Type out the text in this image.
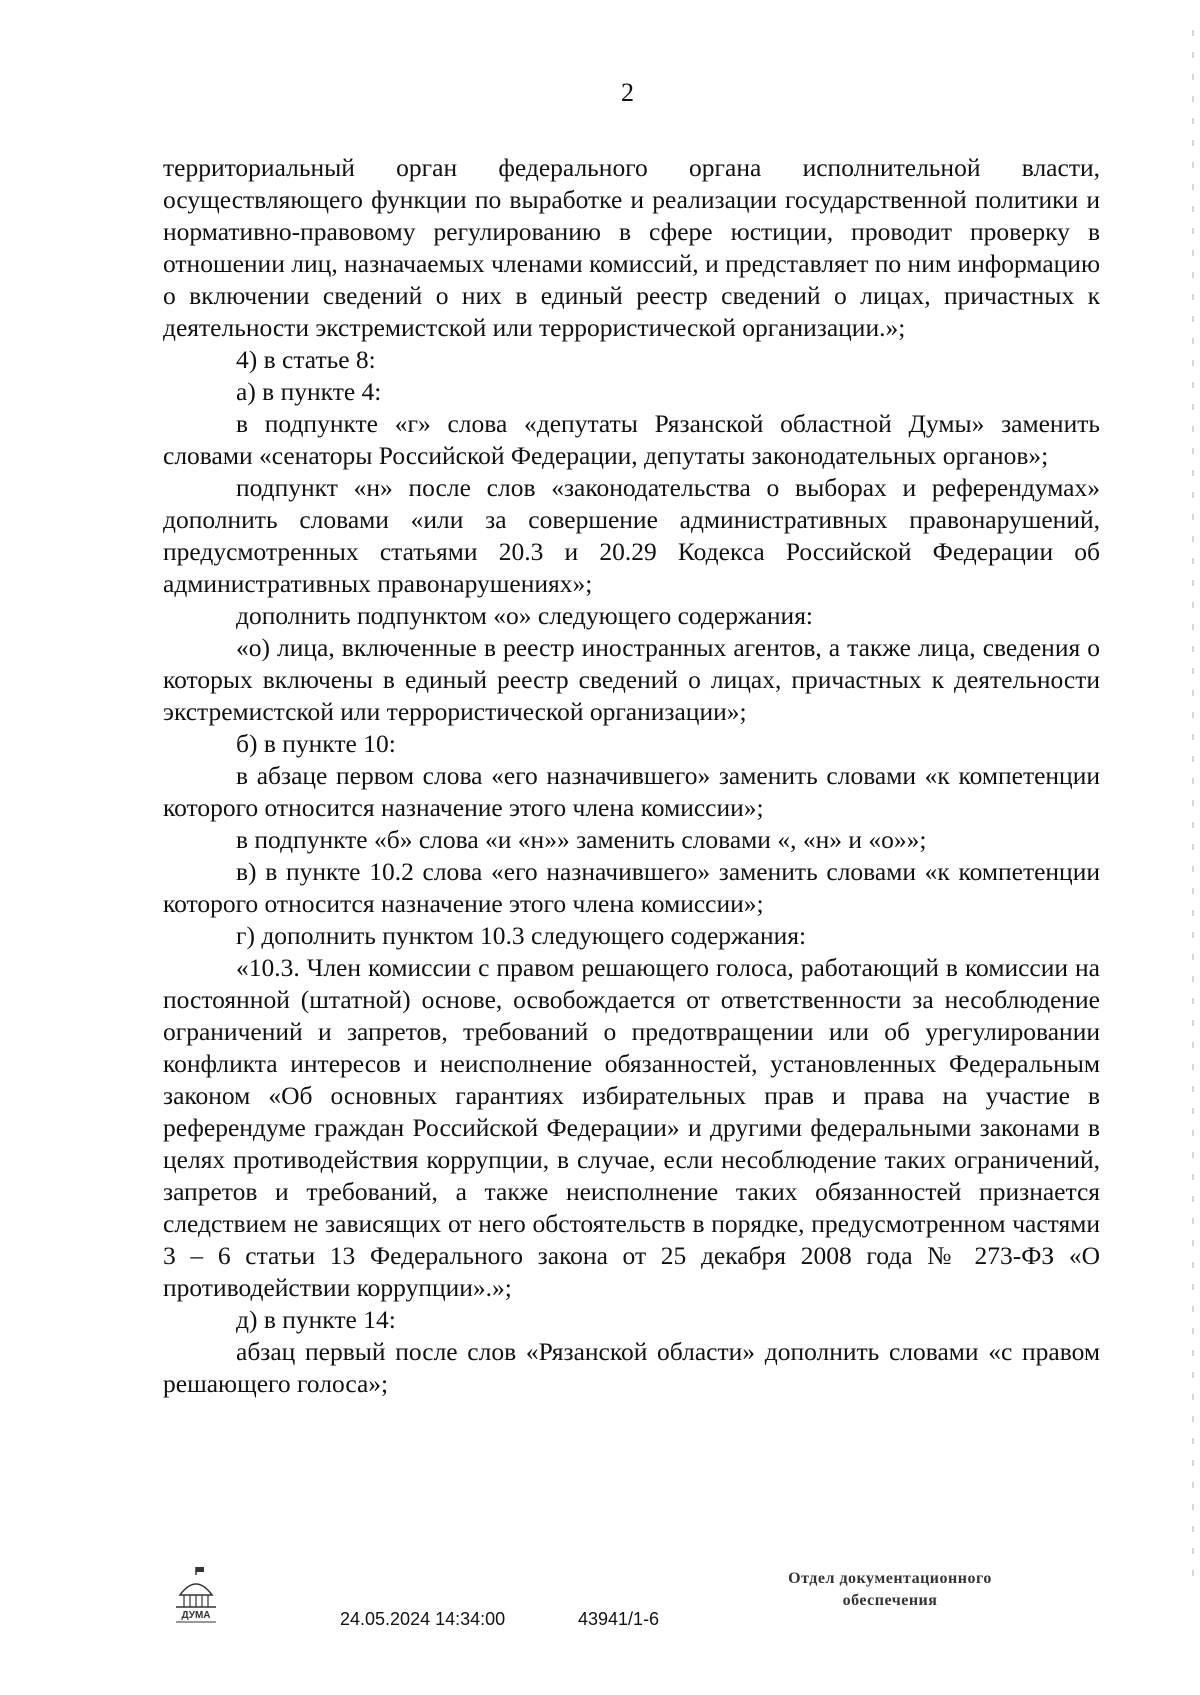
2

территориальный орган федерального органа исполнительной власти, осуществляющего функции по выработке и реализации государственной политики и нормативно-правовому регулированию в сфере юстиции, проводит проверку в отношении лиц, назначаемых членами комиссий, и представляет по ним информацию о включении сведений о них в единый реестр сведений о лицах, причастных к деятельности экстремистской или террористической организации.»;

4) в статье 8:

а) в пункте 4:

в подпункте «г» слова «депутаты Рязанской областной Думы» заменить словами «сенаторы Российской Федерации, депутаты законодательных органов»;

подпункт «н» после слов «законодательства о выборах и референдумах» дополнить словами «или за совершение административных правонарушений, предусмотренных статьями 20.3 и 20.29 Кодекса Российской Федерации об административных правонарушениях»;

дополнить подпунктом «о» следующего содержания:

«о) лица, включенные в реестр иностранных агентов, а также лица, сведения о которых включены в единый реестр сведений о лицах, причастных к деятельности экстремистской или террористической организации»;

б) в пункте 10:

в абзаце первом слова «его назначившего» заменить словами «к компетенции которого относится назначение этого члена комиссии»;

в подпункте «б» слова «и «н»» заменить словами «, «н» и «о»»;

в) в пункте 10.2 слова «его назначившего» заменить словами «к компетенции которого относится назначение этого члена комиссии»;

г) дополнить пунктом 10.3 следующего содержания:

«10.3. Член комиссии с правом решающего голоса, работающий в комиссии на постоянной (штатной) основе, освобождается от ответственности за несоблюдение ограничений и запретов, требований о предотвращении или об урегулировании конфликта интересов и неисполнение обязанностей, установленных Федеральным законом «Об основных гарантиях избирательных прав и права на участие в референдуме граждан Российской Федерации» и другими федеральными законами в целях противодействия коррупции, в случае, если несоблюдение таких ограничений, запретов и требований, а также неисполнение таких обязанностей признается следствием не зависящих от него обстоятельств в порядке, предусмотренном частями 3 – 6 статьи 13 Федерального закона от 25 декабря 2008 года № 273-ФЗ «О противодействии коррупции».»;

д) в пункте 14:

абзац первый после слов «Рязанской области» дополнить словами «с правом решающего голоса»;

ДУМА	24.05.2024 14:34:00	43941/1-6
Отдел документационного
обеспечения
